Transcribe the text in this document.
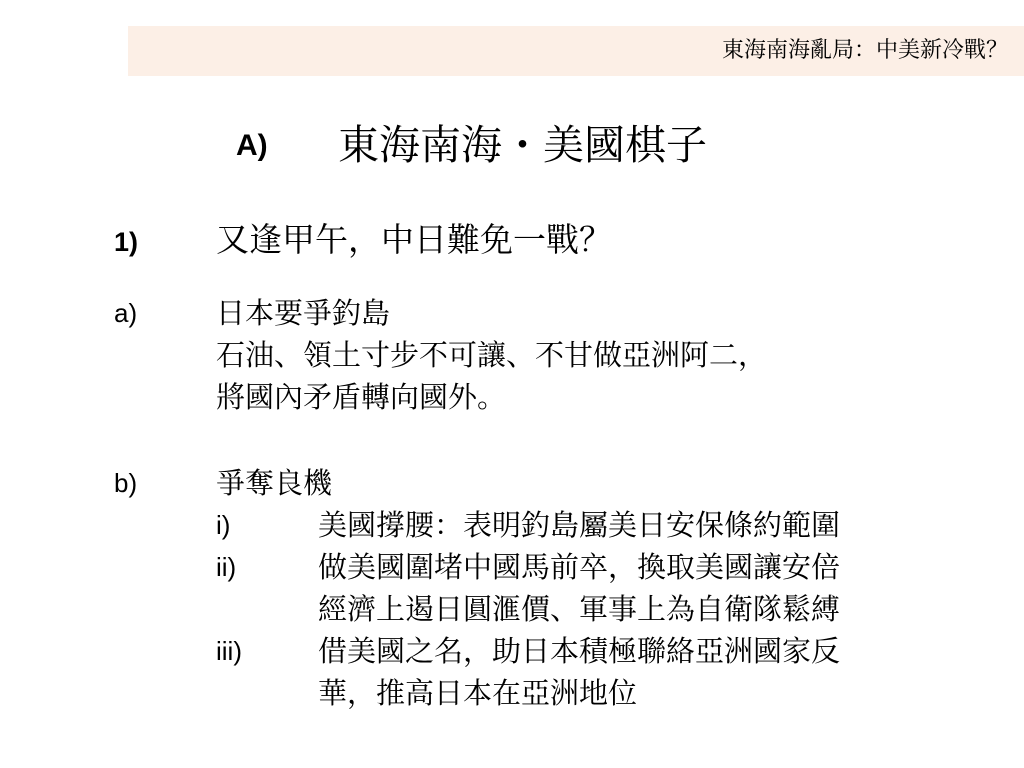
東海南海亂局：中美新冷戰？
A) 東海南海・美國棋子
1) 又逢甲午，中日難免一戰？
a)	日本要爭釣島
石油、領土寸步不可讓、不甘做亞洲阿二，
將國內矛盾轉向國外。
b)	爭奪良機
i)	美國撐腰：表明釣島屬美日安保條約範圍
ii)	做美國圍堵中國馬前卒，換取美國讓安倍
經濟上遏日圓滙價、軍事上為自衛隊鬆縛
iii)	借美國之名，助日本積極聯絡亞洲國家反
華，推高日本在亞洲地位
